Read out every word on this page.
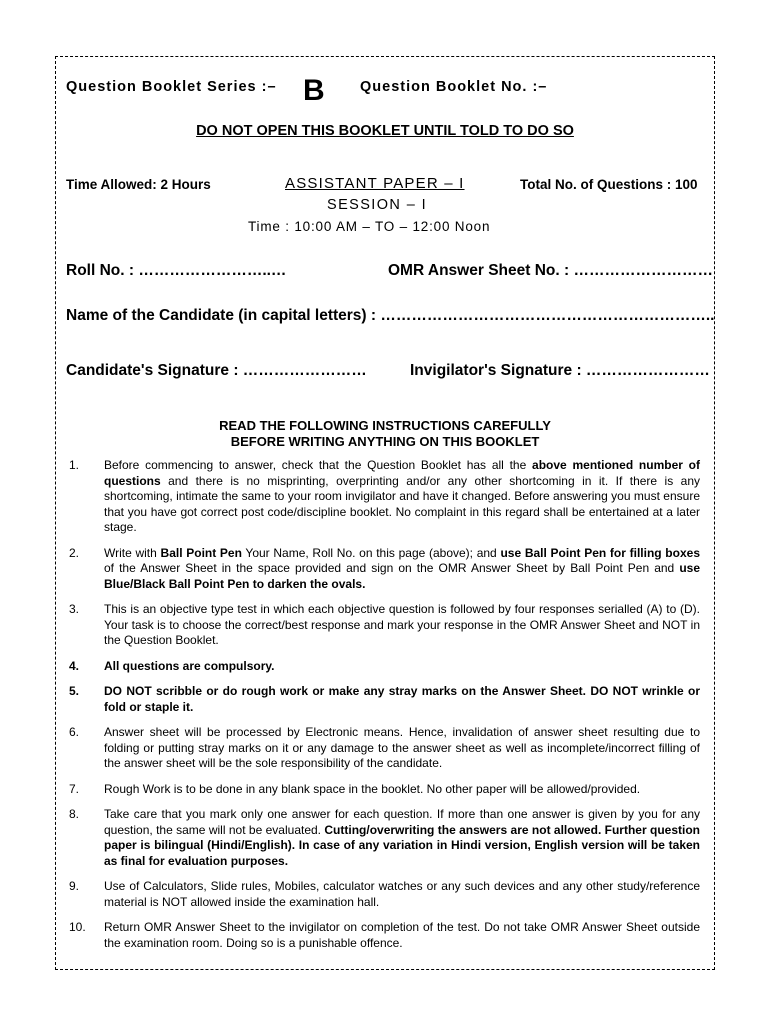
Question Booklet Series :– B Question Booklet No. :–
DO NOT OPEN THIS BOOKLET UNTIL TOLD TO DO SO
Time Allowed: 2 Hours	ASSISTANT PAPER – I	Total No. of Questions : 100
SESSION – I
Time : 10:00 AM – TO – 12:00 Noon
Roll No. : ……………………..…	OMR Answer Sheet No. : ………………………
Name of the Candidate (in capital letters) : ………………………………………………………..
Candidate's Signature : ……………………	Invigilator's Signature : ……………………
READ THE FOLLOWING INSTRUCTIONS CAREFULLY
BEFORE WRITING ANYTHING ON THIS BOOKLET
1.	Before commencing to answer, check that the Question Booklet has all the above mentioned number of questions and there is no misprinting, overprinting and/or any other shortcoming in it. If there is any shortcoming, intimate the same to your room invigilator and have it changed. Before answering you must ensure that you have got correct post code/discipline booklet. No complaint in this regard shall be entertained at a later stage.
2.	Write with Ball Point Pen Your Name, Roll No. on this page (above); and use Ball Point Pen for filling boxes of the Answer Sheet in the space provided and sign on the OMR Answer Sheet by Ball Point Pen and use Blue/Black Ball Point Pen to darken the ovals.
3.	This is an objective type test in which each objective question is followed by four responses serialled (A) to (D). Your task is to choose the correct/best response and mark your response in the OMR Answer Sheet and NOT in the Question Booklet.
4.	All questions are compulsory.
5.	DO NOT scribble or do rough work or make any stray marks on the Answer Sheet. DO NOT wrinkle or fold or staple it.
6.	Answer sheet will be processed by Electronic means. Hence, invalidation of answer sheet resulting due to folding or putting stray marks on it or any damage to the answer sheet as well as incomplete/incorrect filling of the answer sheet will be the sole responsibility of the candidate.
7.	Rough Work is to be done in any blank space in the booklet. No other paper will be allowed/provided.
8.	Take care that you mark only one answer for each question. If more than one answer is given by you for any question, the same will not be evaluated. Cutting/overwriting the answers are not allowed. Further question paper is bilingual (Hindi/English). In case of any variation in Hindi version, English version will be taken as final for evaluation purposes.
9.	Use of Calculators, Slide rules, Mobiles, calculator watches or any such devices and any other study/reference material is NOT allowed inside the examination hall.
10.	Return OMR Answer Sheet to the invigilator on completion of the test. Do not take OMR Answer Sheet outside the examination room. Doing so is a punishable offence.
